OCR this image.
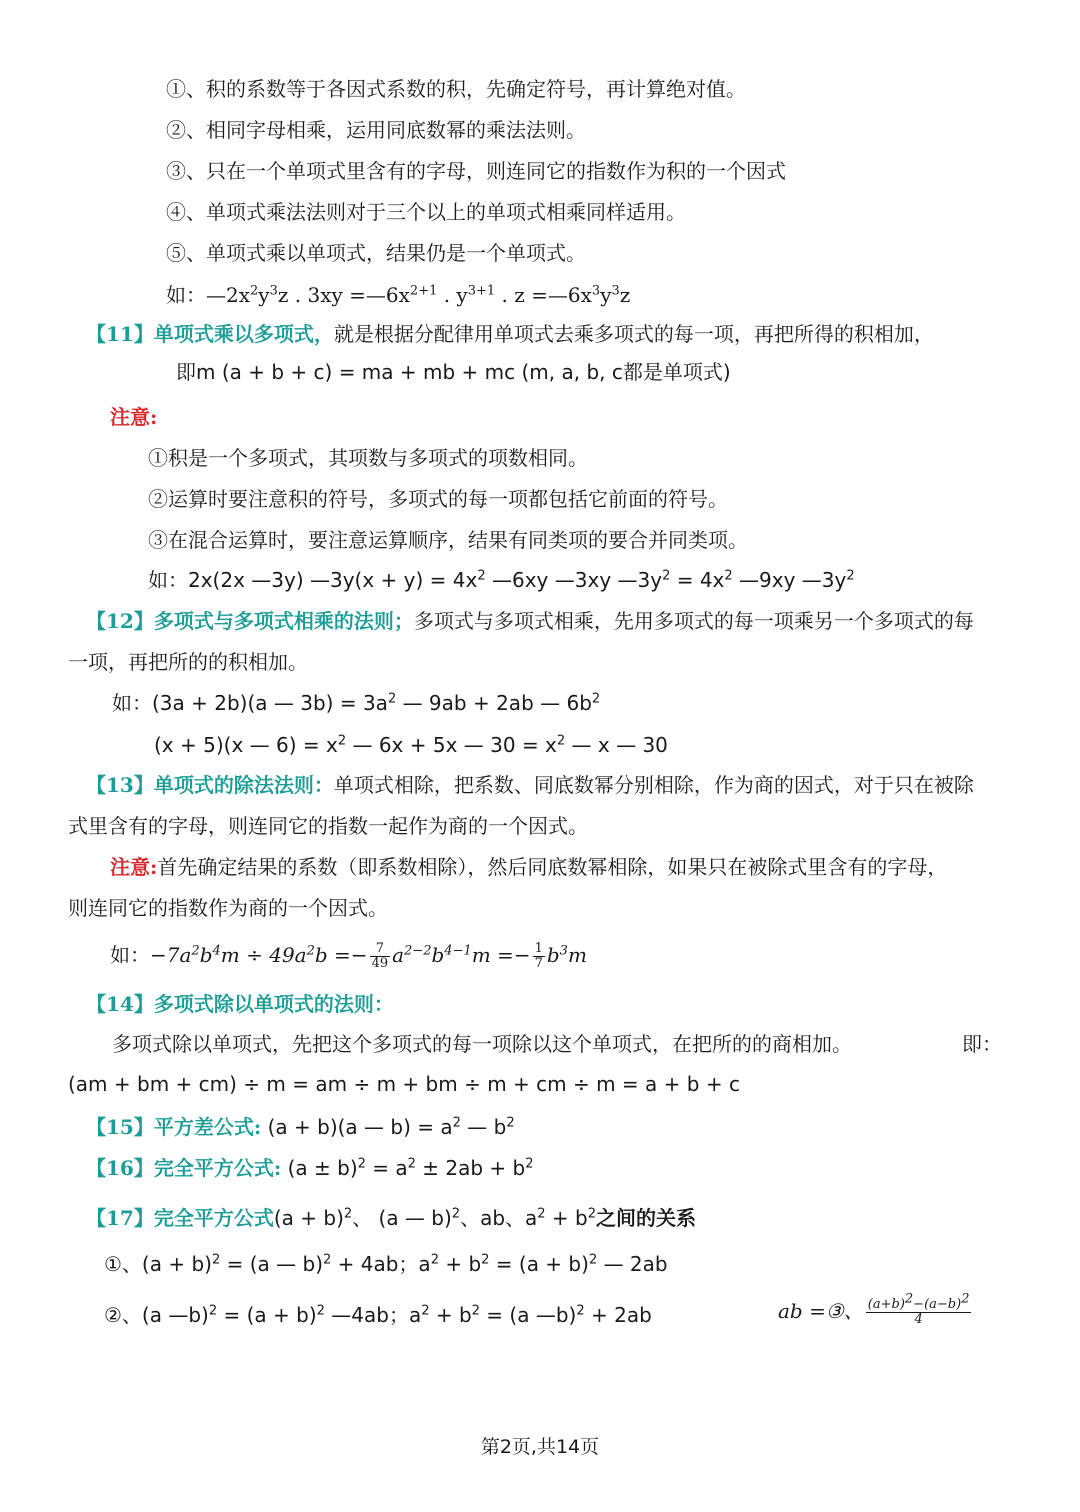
①、积的系数等于各因式系数的积，先确定符号，再计算绝对值。
②、相同字母相乘，运用同底数幂的乘法法则。
③、只在一个单项式里含有的字母，则连同它的指数作为积的一个因式
④、单项式乘法法则对于三个以上的单项式相乘同样适用。
⑤、单项式乘以单项式，结果仍是一个单项式。
如：$—2x^2y^3z$ . $3xy =—6x^{2+1}$ . $y^{3+1}$ . $z =—6x^3y^3z$
【11】单项式乘以多项式，就是根据分配律用单项式去乘多项式的每一项，再把所得的积相加，
即m (a + b + c) = ma + mb + mc (m, a, b, c都是单项式)
注意:
①积是一个多项式，其项数与多项式的项数相同。
②运算时要注意积的符号，多项式的每一项都包括它前面的符号。
③在混合运算时，要注意运算顺序，结果有同类项的要合并同类项。
如：2x(2x —3y) —3y(x + $y) = 4x^2$ —6xy —3xy $—3y^2 = 4x^2$ —9xy $—3y^2$
【12】多项式与多项式相乘的法则；多项式与多项式相乘，先用多项式的每一项乘另一个多项式的每
一项，再把所的的积相加。
如：(3a + 2b)(a — $3b) = 3a^2$ — 9ab + 2ab — $6b^2$
(x + 5)(x — $6) = x^2$ — 6x + 5x — $30 = x^2$ — x — 30
【13】单项式的除法法则：单项式相除，把系数、同底数幂分别相除，作为商的因式，对于只在被除
式里含有的字母，则连同它的指数一起作为商的一个因式。
注意:首先确定结果的系数（即系数相除），然后同底数幂相除，如果只在被除式里含有的字母，
则连同它的指数作为商的一个因式。
如：$-7a^2b^4m \div 49a^2b =- \frac{7}{49} a^{2-2}b^{4-1}m =- \frac{1}{7} b^3m$
【14】多项式除以单项式的法则：
多项式除以单项式，先把这个多项式的每一项除以这个单项式，在把所的的商相加。	即：
(am + bm + cm) ÷ m = am ÷ m + bm ÷ m + cm ÷ m = a + b + c
【15】平方差公式: (a + b)(a — $b) = a^2$ — $b^2$
【16】完全平方公式: $(a \pm b)^2 = a^2 \pm 2ab + b^2$
【17】完全平方公式$(a + b)^2$、 (a — b)$^2$、ab、$a^2 + b^2$之间的关系
①、$(a + b)^2 = (a$ — b)$^2$ + 4ab；$a^2 + b^2 = (a + b)^2$ — 2ab
②、(a —b)$^2$ = $(a + b)^2$ —4ab；$a^2 + b^2 = (a$ —b)$^2$ + 2ab	ab =③、 $\frac{(a+b)^2-(a-b)^2}{4}$
第2页,共14页
